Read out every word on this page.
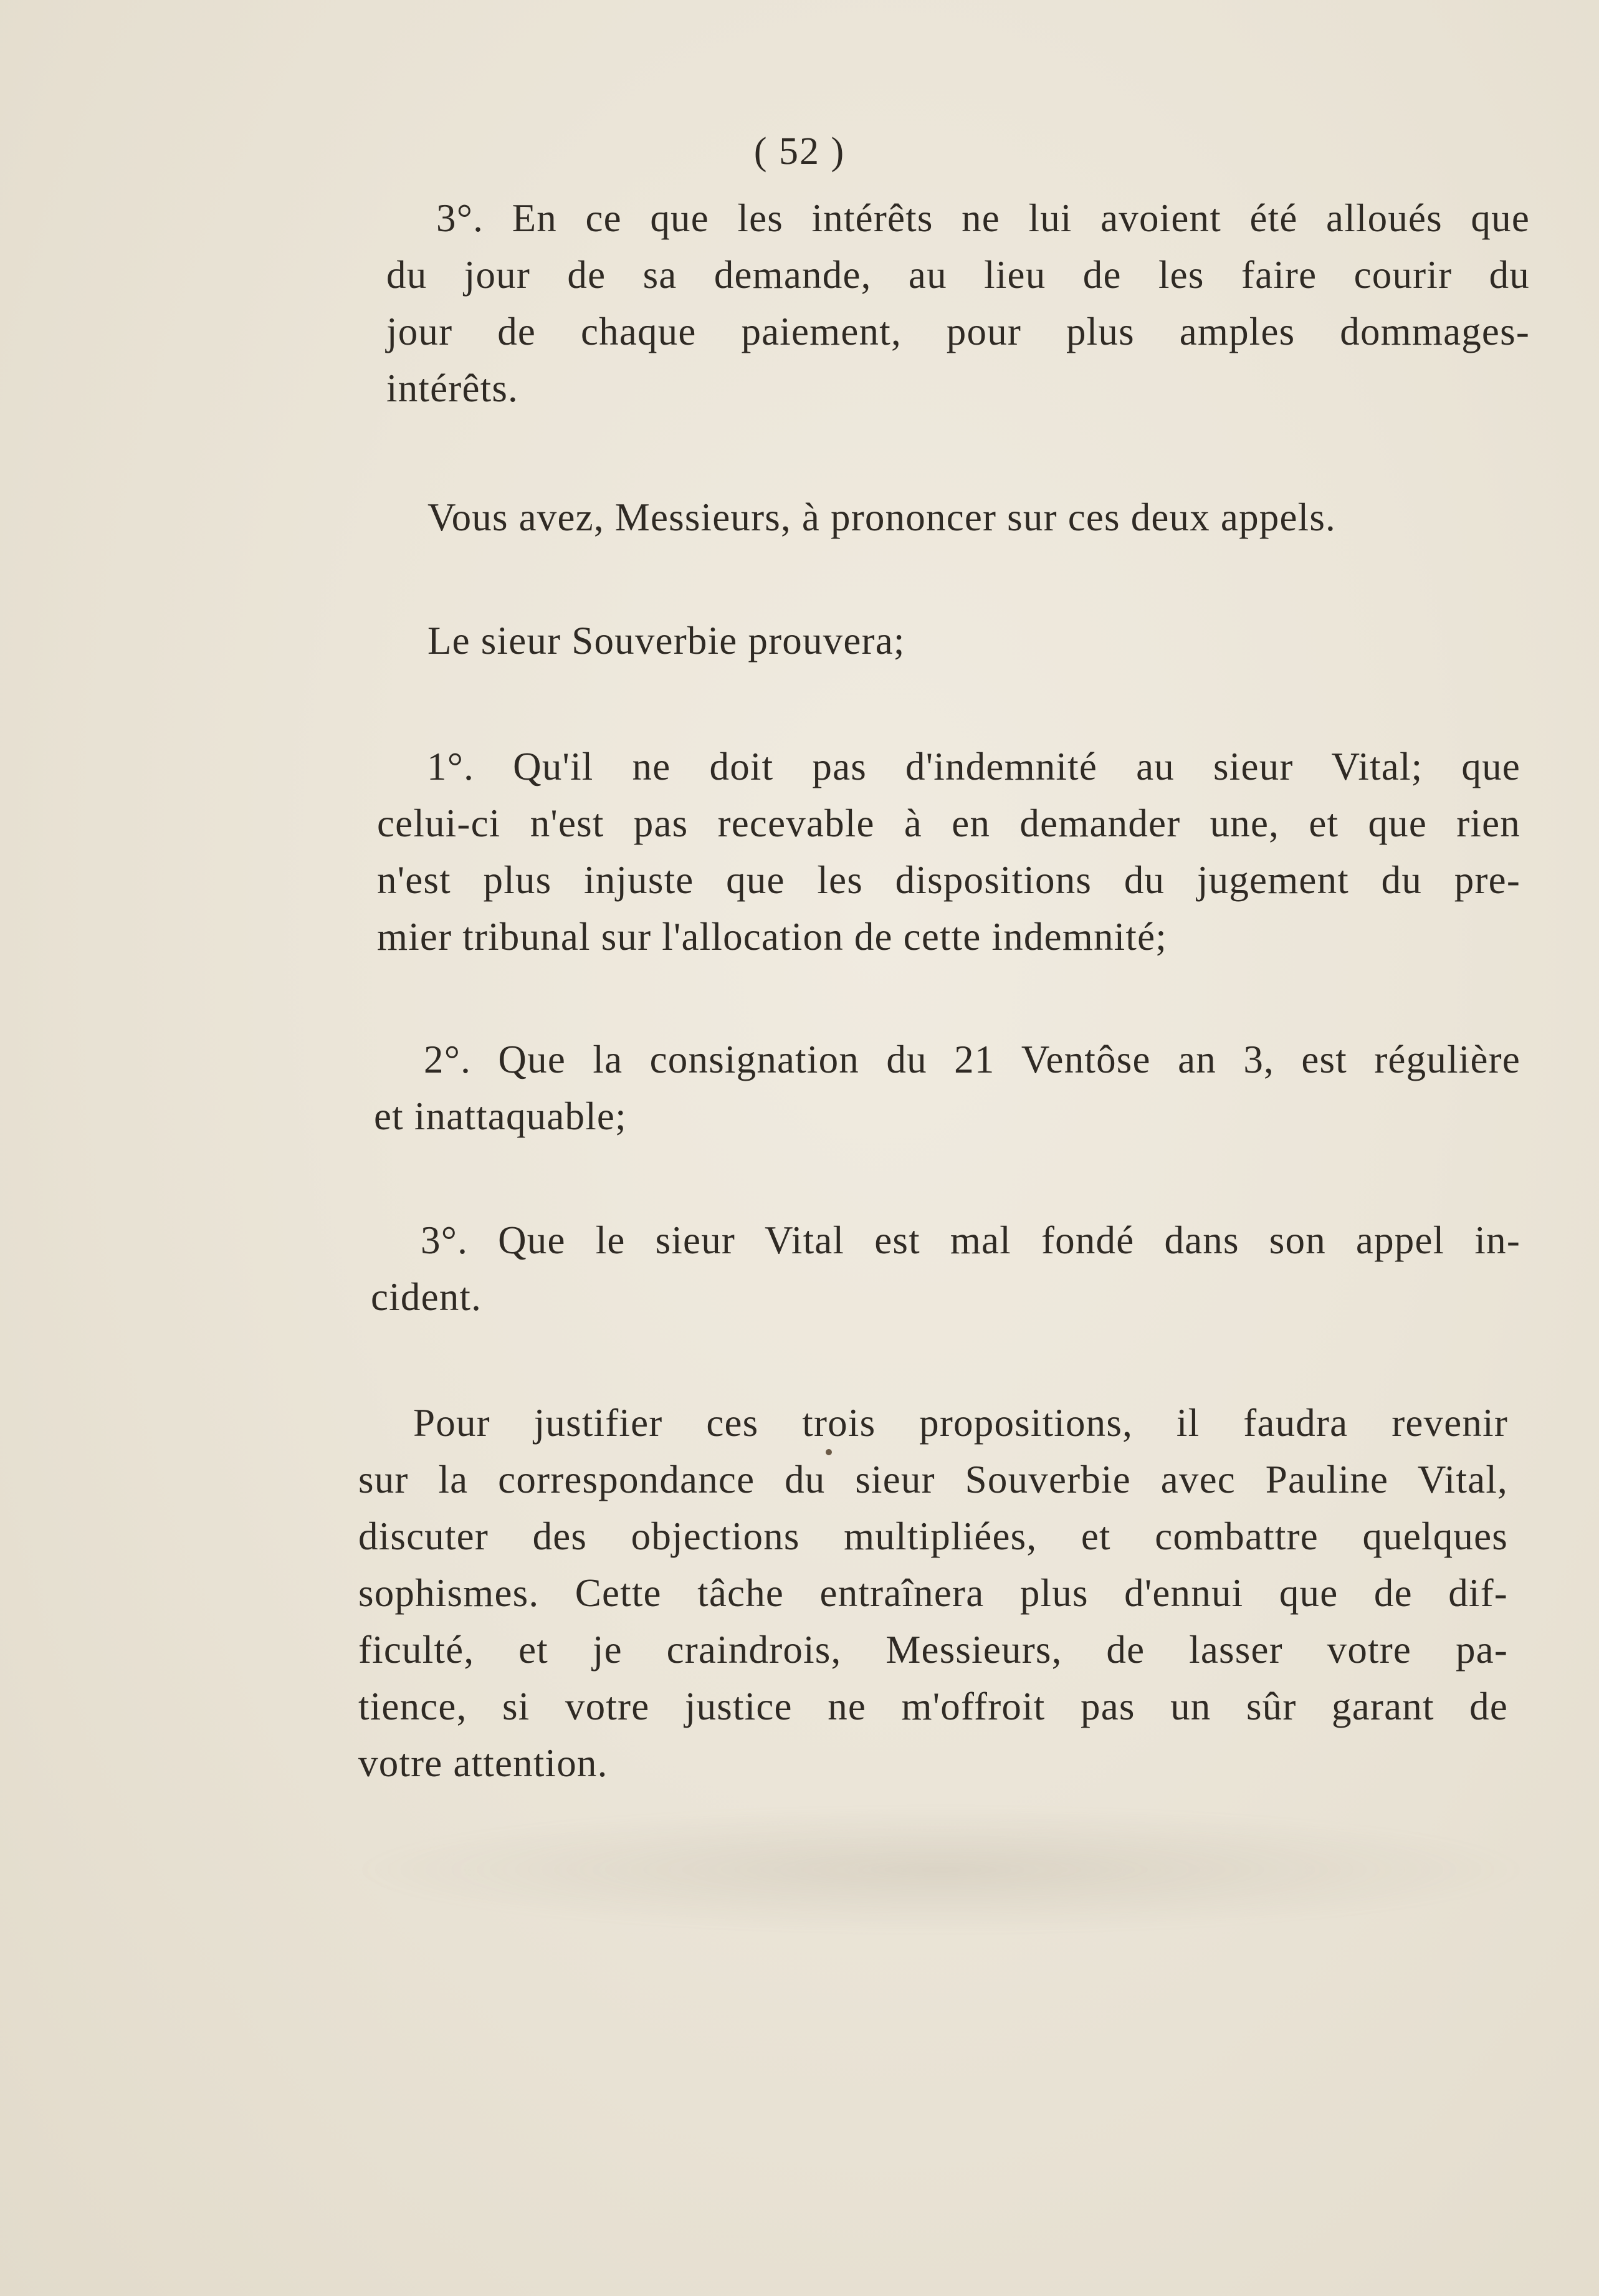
( 52 )
3°. En ce que les intérêts ne lui avoient été alloués que
du jour de sa demande, au lieu de les faire courir du
jour de chaque paiement, pour plus amples dommages-
intérêts.
Vous avez, Messieurs, à prononcer sur ces deux appels.
Le sieur Souverbie prouvera;
1°. Qu'il ne doit pas d'indemnité au sieur Vital; que
celui-ci n'est pas recevable à en demander une, et que rien
n'est plus injuste que les dispositions du jugement du pre-
mier tribunal sur l'allocation de cette indemnité;
2°. Que la consignation du 21 Ventôse an 3, est régulière
et inattaquable;
3°. Que le sieur Vital est mal fondé dans son appel in-
cident.
Pour justifier ces trois propositions, il faudra revenir
sur la correspondance du sieur Souverbie avec Pauline Vital,
discuter des objections multipliées, et combattre quelques
sophismes. Cette tâche entraînera plus d'ennui que de dif-
ficulté, et je craindrois, Messieurs, de lasser votre pa-
tience, si votre justice ne m'offroit pas un sûr garant de
votre attention.
